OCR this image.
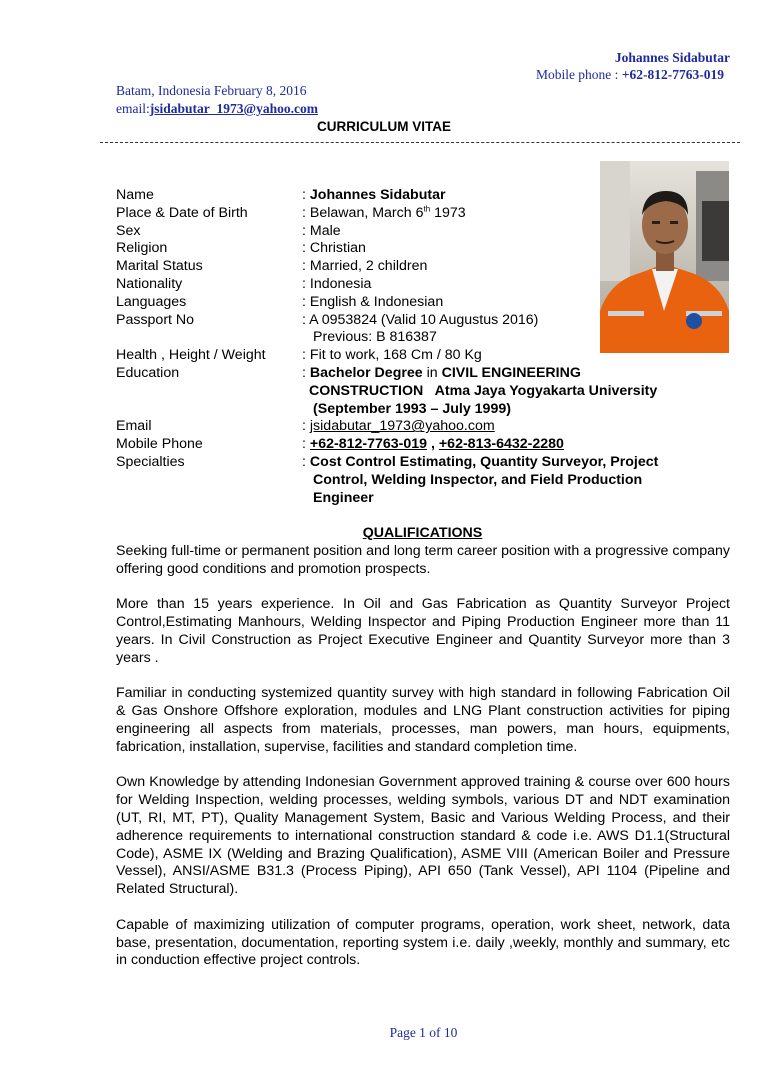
Johannes Sidabutar
Mobile phone : +62-812-7763-019
Batam, Indonesia February 8, 2016
email:jsidabutar_1973@yahoo.com
CURRICULUM VITAE
Name	: Johannes Sidabutar
Place & Date of Birth	: Belawan, March 6th 1973
Sex	: Male
Religion	: Christian
Marital Status	: Married, 2 children
Nationality	: Indonesia
Languages	: English & Indonesian
Passport No	: A 0953824 (Valid 10 Augustus 2016)
Previous: B 816387
Health , Height / Weight	: Fit to work, 168 Cm / 80 Kg
Education	: Bachelor Degree in CIVIL ENGINEERING
CONSTRUCTION Atma Jaya Yogyakarta University
(September 1993 – July 1999)
Email	: jsidabutar_1973@yahoo.com
Mobile Phone	: +62-812-7763-019 , +62-813-6432-2280
Specialties	: Cost Control Estimating, Quantity Surveyor, Project
Control, Welding Inspector, and Field Production
Engineer
QUALIFICATIONS

Seeking full-time or permanent position and long term career position with a progressive company offering good conditions and promotion prospects.

More than 15 years experience. In Oil and Gas Fabrication as Quantity Surveyor Project Control,Estimating Manhours, Welding Inspector and Piping Production Engineer more than 11 years. In Civil Construction as Project Executive Engineer and Quantity Surveyor more than 3 years .

Familiar in conducting systemized quantity survey with high standard in following Fabrication Oil & Gas Onshore Offshore exploration, modules and LNG Plant construction activities for piping engineering all aspects from materials, processes, man powers, man hours, equipments, fabrication, installation, supervise, facilities and standard completion time.

Own Knowledge by attending Indonesian Government approved training & course over 600 hours for Welding Inspection, welding processes, welding symbols, various DT and NDT examination (UT, RI, MT, PT), Quality Management System, Basic and Various Welding Process, and their adherence requirements to international construction standard & code i.e. AWS D1.1(Structural Code), ASME IX (Welding and Brazing Qualification), ASME VIII (American Boiler and Pressure Vessel), ANSI/ASME B31.3 (Process Piping), API 650 (Tank Vessel), API 1104 (Pipeline and Related Structural).

Capable of maximizing utilization of computer programs, operation, work sheet, network, data base, presentation, documentation, reporting system i.e. daily ,weekly, monthly and summary, etc in conduction effective project controls.

Page 1 of 10
